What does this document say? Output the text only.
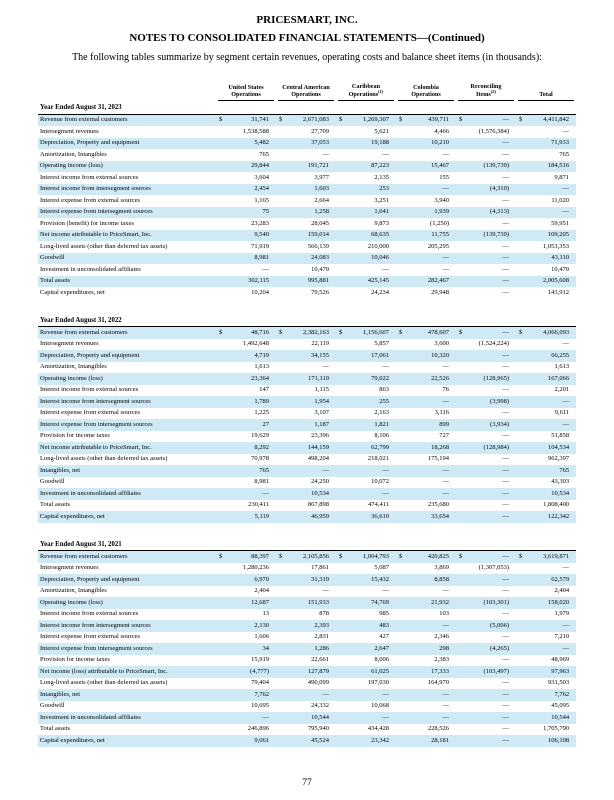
PRICESMART, INC.
NOTES TO CONSOLIDATED FINANCIAL STATEMENTS—(Continued)
The following tables summarize by segment certain revenues, operating costs and balance sheet items (in thousands):

	United States Operations	Central American Operations	Caribbean Operations$^{(1)}$	Colombia Operations	Reconciling Items$^{(2)}$	Total

Year Ended August 31, 2023						
Revenue from external customers	$ 31,741	$ 2,671,083	$ 1,269,307	$ 439,711	$ —	$ 4,411,842

Intersegment revenues	1,538,588	27,709	5,621	4,466	(1,576,384)	—

Depreciation, Property and equipment	5,482	37,053	19,188	10,210	—	71,933

Amortization, Intangibles	765	—	—	—	—	765

Operating income (loss)	29,844	191,721	87,223	15,467	(139,739)	184,516

Interest income from external sources	3,604	3,977	2,135	155	—	9,871

Interest income from intersegment sources	2,454	1,603	253	—	(4,310)	—

Interest expense from external sources	1,165	2,664	3,251	3,940	—	11,020

Interest expense from intersegment sources	75	1,258	1,041	1,939	(4,313)	—

Provision (benefit) for income taxes	23,283	28,045	9,873	(1,250)	—	59,951

Net income attributable to PriceSmart, Inc.	9,540	159,014	68,635	11,755	(139,739)	109,205

Long-lived assets (other than deferred tax assets)	71,919	566,139	210,000	205,295	—	1,053,353

Goodwill	8,981	24,083	10,046	—	—	43,110

Investment in unconsolidated affiliates	—	10,479	—	—	—	10,479

Total assets	302,115	995,881	425,145	282,467	—	2,005,608

Capital expenditures, net	10,204	79,526	24,234	29,948	—	143,912
Year Ended August 31, 2022						
Revenue from external customers	$ 48,716	$ 2,382,163	$ 1,156,607	$ 478,607	$ —	$ 4,066,093

Intersegment revenues	1,492,648	22,119	5,857	3,600	(1,524,224)	—

Depreciation, Property and equipment	4,719	34,155	17,061	10,320	—	66,255

Amortization, Intangibles	1,613	—	—	—	—	1,613

Operating income (loss)	23,364	171,119	79,022	22,526	(128,965)	167,066

Interest income from external sources	147	1,115	863	76	—	2,201

Interest income from intersegment sources	1,789	1,954	255	—	(3,998)	—

Interest expense from external sources	1,225	3,107	2,163	3,116	—	9,611

Interest expense from intersegment sources	27	1,187	1,821	899	(3,934)	—

Provision for income taxes	19,629	23,396	8,106	727	—	51,858

Net income attributable to PriceSmart, Inc.	8,292	144,159	62,799	18,268	(128,984)	104,534

Long-lived assets (other than deferred tax assets)	70,978	498,204	218,021	175,194	—	962,397

Intangibles, net	765	—	—	—	—	765

Goodwill	8,981	24,250	10,072	—	—	43,303

Investment in unconsolidated affiliates	—	10,534	—	—	—	10,534

Total assets	230,411	867,898	474,411	235,680	—	1,808,400

Capital expenditures, net	5,119	46,959	36,610	33,654	—	122,342
Year Ended August 31, 2021						
Revenue from external customers	$ 88,397	$ 2,105,856	$ 1,004,793	$ 420,825	$ —	$ 3,619,871

Intersegment revenues	1,280,236	17,861	5,087	3,869	(1,307,053)	—

Depreciation, Property and equipment	6,970	31,319	15,432	8,858	—	62,579

Amortization, Intangibles	2,404	—	—	—	—	2,404

Operating income (loss)	12,687	151,933	74,769	21,932	(103,301)	158,020

Interest income from external sources	13	878	985	103	—	1,979

Interest income from intersegment sources	2,130	2,393	483	—	(5,006)	—

Interest expense from external sources	1,606	2,831	427	2,346	—	7,210

Interest expense from intersegment sources	34	1,286	2,647	298	(4,265)	—

Provision for income taxes	15,919	22,661	8,006	2,383	—	48,969

Net income (loss) attributable to PriceSmart, Inc.	(4,777)	127,879	61,025	17,333	(103,497)	97,963

Long-lived assets (other than deferred tax assets)	79,404	490,099	197,030	164,970	—	931,503

Intangibles, net	7,762	—	—	—	—	7,762

Goodwill	10,695	24,332	10,068	—	—	45,095

Investment in unconsolidated affiliates	—	10,544	—	—	—	10,544

Total assets	246,896	795,940	434,428	228,526	—	1,705,790

Capital expenditures, net	9,061	45,524	23,342	28,181	—	106,108
77
